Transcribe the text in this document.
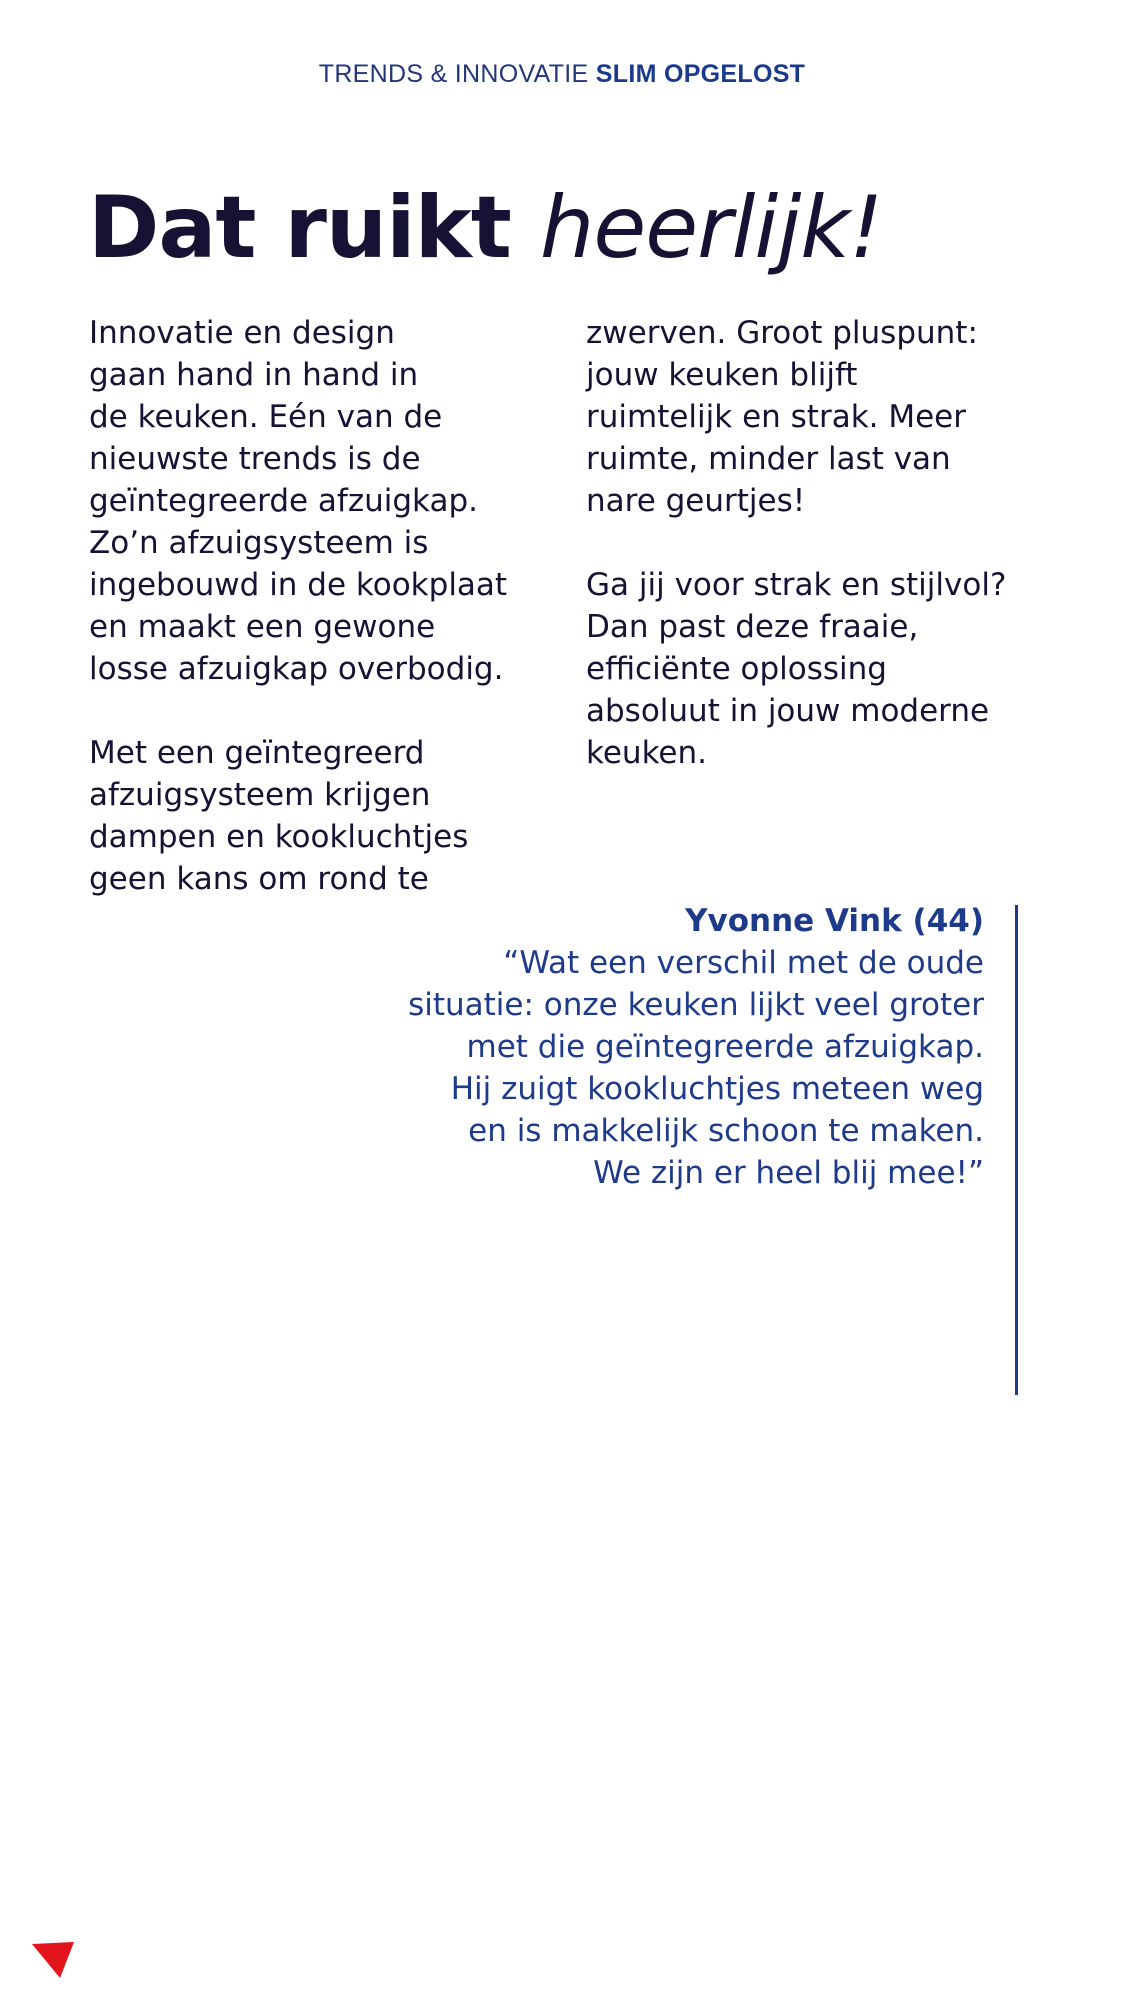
TRENDS & INNOVATIE SLIM OPGELOST
Dat ruikt heerlijk!

Innovatie en design
gaan hand in hand in
de keuken. Eén van de
nieuwste trends is de
geïntegreerde afzuigkap.
Zo’n afzuigsysteem is
ingebouwd in de kookplaat
en maakt een gewone
losse afzuigkap overbodig.

Met een geïntegreerd
afzuigsysteem krijgen
dampen en kookluchtjes
geen kans om rond te

zwerven. Groot pluspunt:
jouw keuken blijft
ruimtelijk en strak. Meer
ruimte, minder last van
nare geurtjes!

Ga jij voor strak en stijlvol?
Dan past deze fraaie,
efficiënte oplossing
absoluut in jouw moderne
keuken.

Yvonne Vink (44)
“Wat een verschil met de oude
situatie: onze keuken lijkt veel groter
met die geïntegreerde afzuigkap.
Hij zuigt kookluchtjes meteen weg
en is makkelijk schoon te maken.
We zijn er heel blij mee!”
▯ ═ ≡ ≋ 000 5 A 5
0 1 2 3 4 5 6 7 8 9 P
7 5
Pelgrim
Inbouw Inspiratie
